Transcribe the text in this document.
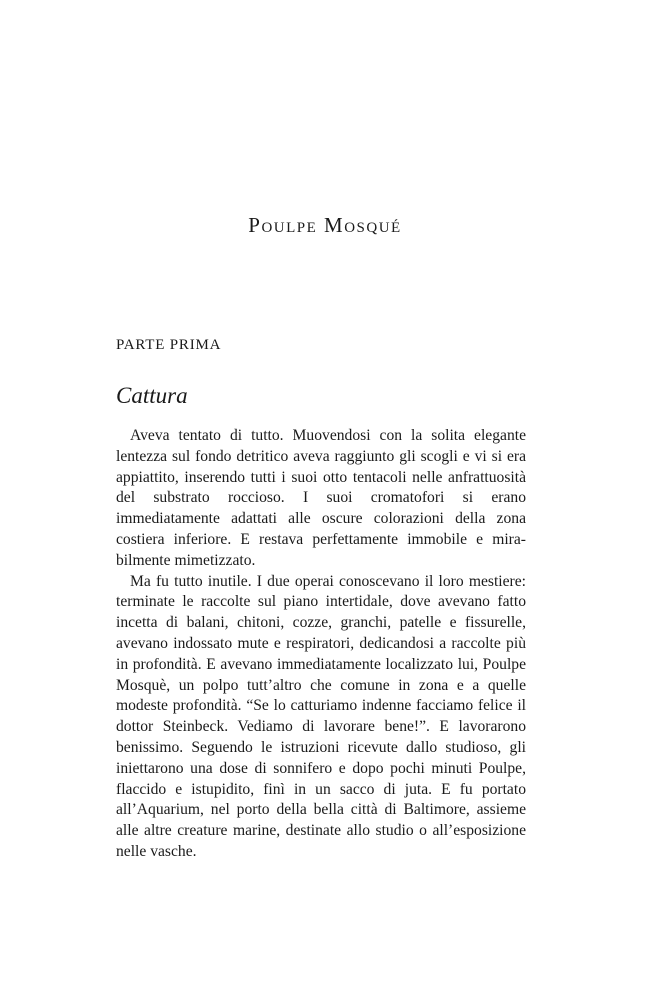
Poulpe Mosqué
PARTE PRIMA
Cattura

Aveva tentato di tutto. Muovendosi con la solita elegante lentezza sul fondo detritico aveva raggiunto gli scogli e vi si era appiattito, inserendo tutti i suoi otto tentacoli nelle anfrattuosità del substrato roccioso. I suoi cromatofori si erano immediatamente adattati alle oscure colorazioni della zona costiera inferiore. E restava perfettamente immobile e mirabilmente mimetizzato.

Ma fu tutto inutile. I due operai conoscevano il loro mestiere: terminate le raccolte sul piano intertidale, dove avevano fatto incetta di balani, chitoni, cozze, granchi, patelle e fissurelle, avevano indossato mute e respiratori, dedicandosi a raccolte più in profondità. E avevano immediatamente localizzato lui, Poulpe Mosquè, un polpo tutt’altro che comune in zona e a quelle modeste profondità. “Se lo catturiamo indenne facciamo felice il dottor Steinbeck. Vediamo di lavorare bene!”. E lavorarono benissimo. Seguendo le istruzioni ricevute dallo studioso, gli iniettarono una dose di sonnifero e dopo pochi minuti Poulpe, flaccido e istupidito, finì in un sacco di juta. E fu portato all’Aquarium, nel porto della bella città di Baltimore, assieme alle altre creature marine, destinate allo studio o all’esposizione nelle vasche.
